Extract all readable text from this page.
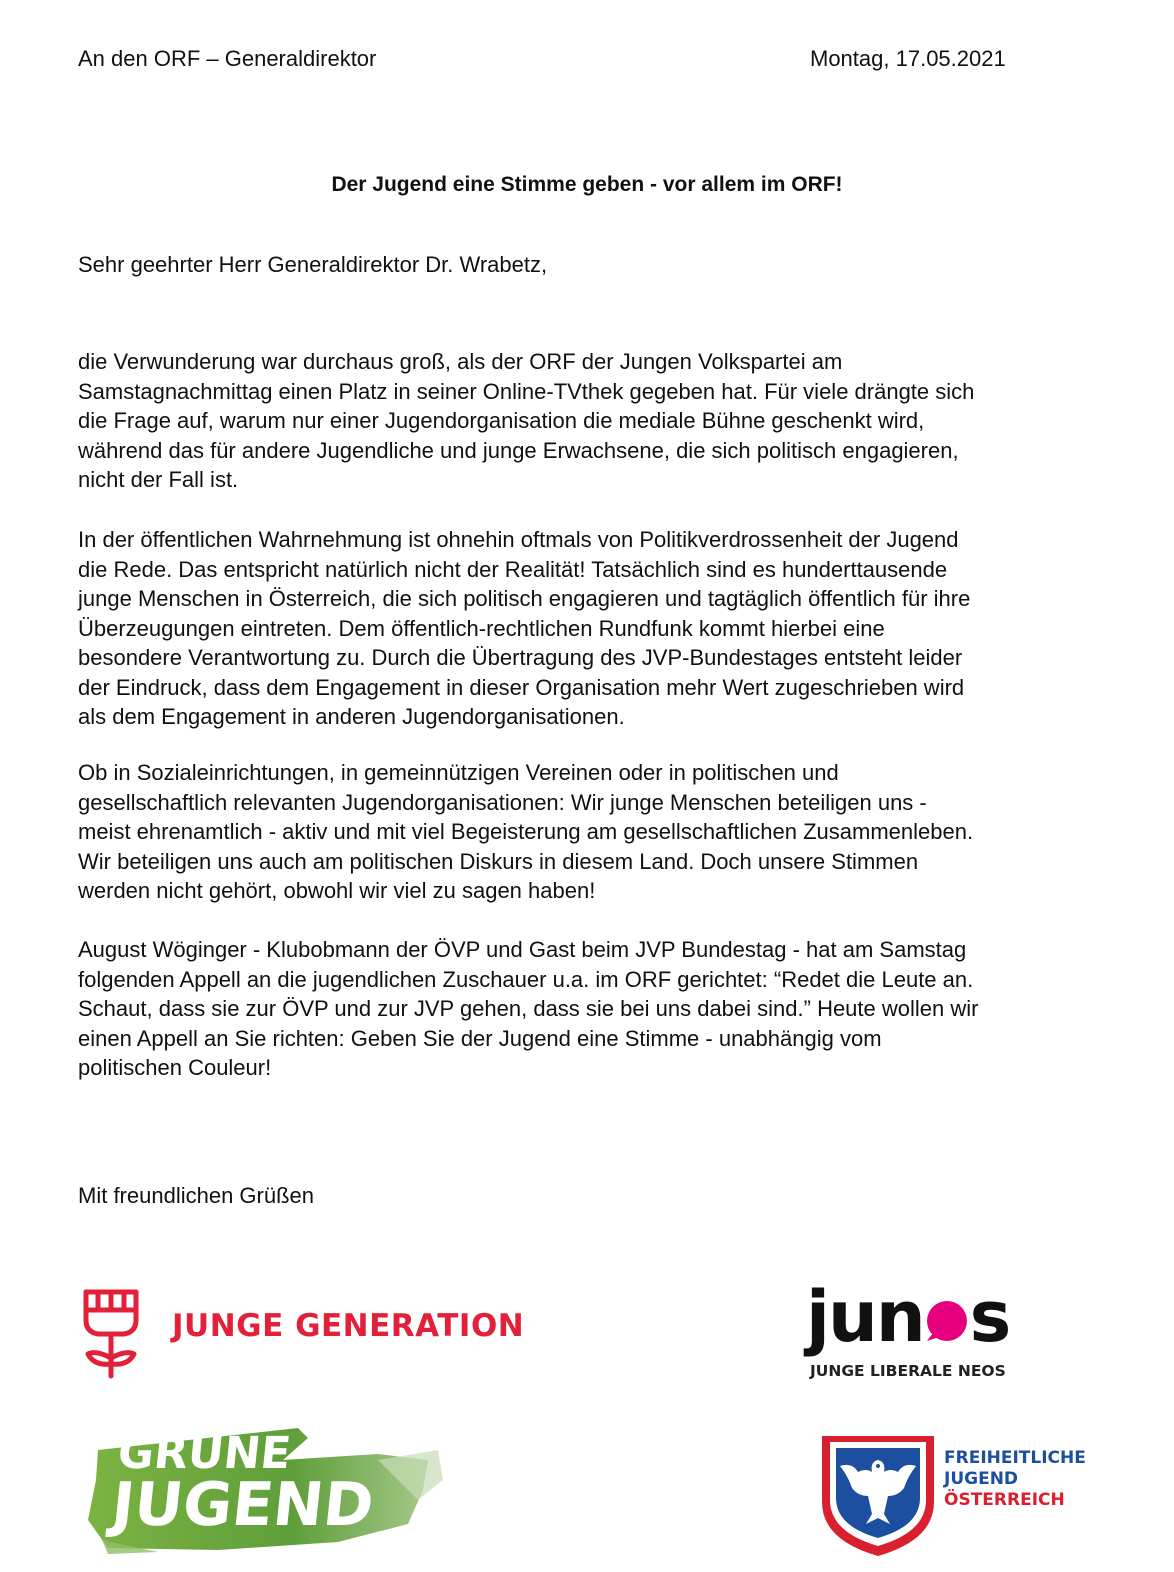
An den ORF – Generaldirektor	Montag, 17.05.2021
Der Jugend eine Stimme geben - vor allem im ORF!
Sehr geehrter Herr Generaldirektor Dr. Wrabetz,

die Verwunderung war durchaus groß, als der ORF der Jungen Volkspartei am
Samstagnachmittag einen Platz in seiner Online-TVthek gegeben hat. Für viele drängte sich
die Frage auf, warum nur einer Jugendorganisation die mediale Bühne geschenkt wird,
während das für andere Jugendliche und junge Erwachsene, die sich politisch engagieren,
nicht der Fall ist.

In der öffentlichen Wahrnehmung ist ohnehin oftmals von Politikverdrossenheit der Jugend
die Rede. Das entspricht natürlich nicht der Realität! Tatsächlich sind es hunderttausende
junge Menschen in Österreich, die sich politisch engagieren und tagtäglich öffentlich für ihre
Überzeugungen eintreten. Dem öffentlich-rechtlichen Rundfunk kommt hierbei eine
besondere Verantwortung zu. Durch die Übertragung des JVP-Bundestages entsteht leider
der Eindruck, dass dem Engagement in dieser Organisation mehr Wert zugeschrieben wird
als dem Engagement in anderen Jugendorganisationen.

Ob in Sozialeinrichtungen, in gemeinnützigen Vereinen oder in politischen und
gesellschaftlich relevanten Jugendorganisationen: Wir junge Menschen beteiligen uns -
meist ehrenamtlich - aktiv und mit viel Begeisterung am gesellschaftlichen Zusammenleben.
Wir beteiligen uns auch am politischen Diskurs in diesem Land. Doch unsere Stimmen
werden nicht gehört, obwohl wir viel zu sagen haben!

August Wöginger - Klubobmann der ÖVP und Gast beim JVP Bundestag - hat am Samstag
folgenden Appell an die jugendlichen Zuschauer u.a. im ORF gerichtet: “Redet die Leute an.
Schaut, dass sie zur ÖVP und zur JVP gehen, dass sie bei uns dabei sind.” Heute wollen wir
einen Appell an Sie richten: Geben Sie der Jugend eine Stimme - unabhängig vom
politischen Couleur!

Mit freundlichen Grüßen
JUNGE GENERATION	jun s
JUNGE LIBERALE NEOS
GRÜNE
JUGEND
FREIHEITLICHE
JUGEND
ÖSTERREICH
